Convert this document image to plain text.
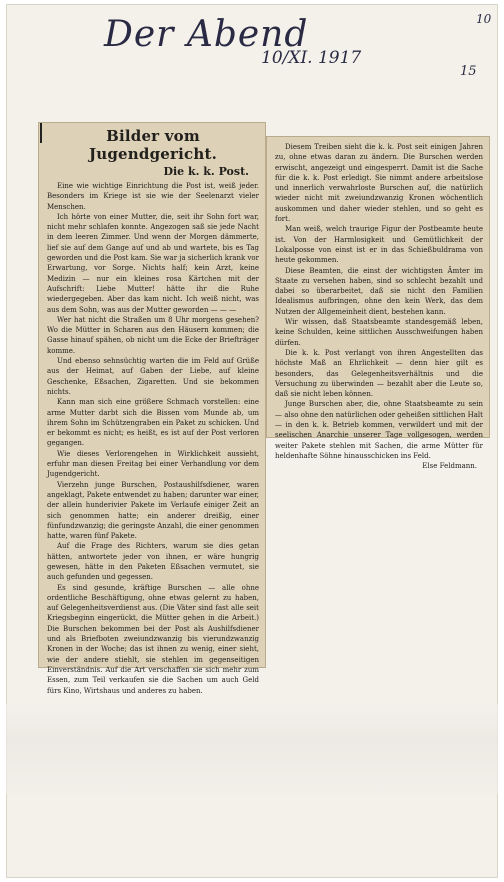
Der Abend
10/XI. 1917
10
15
Bilder vom Jugendgericht.
Die k. k. Post.

Eine wie wichtige Einrichtung die Post ist, weiß jeder. Besonders im Kriege ist sie wie der Seelenarzt vieler Menschen.

Ich hörte von einer Mutter, die, seit ihr Sohn fort war, nicht mehr schlafen konnte. Angezogen saß sie jede Nacht in dem leeren Zimmer. Und wenn der Morgen dämmerte, lief sie auf dem Gange auf und ab und wartete, bis es Tag geworden und die Post kam. Sie war ja sicherlich krank vor Erwartung, vor Sorge. Nichts half; kein Arzt, keine Medizin — nur ein kleines rosa Kärtchen mit der Aufschrift: Liebe Mutter! hätte ihr die Ruhe wiedergegeben. Aber das kam nicht. Ich weiß nicht, was aus dem Sohn, was aus der Mutter geworden — — —

Wer hat nicht die Straßen um 8 Uhr morgens gesehen? Wo die Mütter in Scharen aus den Häusern kommen; die Gasse hinauf spähen, ob nicht um die Ecke der Briefträger komme.

Und ebenso sehnsüchtig warten die im Feld auf Grüße aus der Heimat, auf Gaben der Liebe, auf kleine Geschenke, Eßsachen, Zigaretten. Und sie bekommen nichts.

Kann man sich eine größere Schmach vorstellen: eine arme Mutter darbt sich die Bissen vom Munde ab, um ihrem Sohn im Schützengraben ein Paket zu schicken. Und er bekommt es nicht; es heißt, es ist auf der Post verloren gegangen.

Wie dieses Verlorengehen in Wirklichkeit aussieht, erfuhr man diesen Freitag bei einer Verhandlung vor dem Jugendgericht.

Vierzehn junge Burschen, Postaushilfsdiener, waren angeklagt, Pakete entwendet zu haben; darunter war einer, der allein hunderivier Pakete im Verlaufe einiger Zeit an sich genommen hatte; ein anderer dreißig, einer fünfundzwanzig; die geringste Anzahl, die einer genommen hatte, waren fünf Pakete.

Auf die Frage des Richters, warum sie dies getan hätten, antwortete jeder von ihnen, er wäre hungrig gewesen, hätte in den Paketen Eßsachen vermutet, sie auch gefunden und gegessen.

Es sind gesunde, kräftige Burschen — alle ohne ordentliche Beschäftigung, ohne etwas gelernt zu haben, auf Gelegenheitsverdienst aus. (Die Väter sind fast alle seit Kriegsbeginn eingerückt, die Mütter gehen in die Arbeit.) Die Burschen bekommen bei der Post als Aushilfsdiener und als Briefboten zweiundzwanzig bis vierundzwanzig Kronen in der Woche; das ist ihnen zu wenig, einer sieht, wie der andere stiehlt, sie stehlen im gegenseitigen Einverständnis. Auf die Art verschaffen sie sich mehr zum Essen, zum Teil verkaufen sie die Sachen um auch Geld fürs Kino, Wirtshaus und anderes zu haben.

Diesem Treiben sieht die k. k. Post seit einigen Jahren zu, ohne etwas daran zu ändern. Die Burschen werden erwischt, angezeigt und eingesperrt. Damit ist die Sache für die k. k. Post erledigt. Sie nimmt andere arbeitslose und innerlich verwahrloste Burschen auf, die natürlich wieder nicht mit zweiundzwanzig Kronen wöchentlich auskommen und daher wieder stehlen, und so geht es fort.

Man weiß, welch traurige Figur der Postbeamte heute ist. Von der Harmlosigkeit und Gemütlichkeit der Lokalposse von einst ist er in das Schießbuldrama von heute gekommen.

Diese Beamten, die einst der wichtigsten Ämter im Staate zu versehen haben, sind so schlecht bezahlt und dabei so überarbeitet, daß sie nicht den Familien Idealismus aufbringen, ohne den kein Werk, das dem Nutzen der Allgemeinheit dient, bestehen kann.

Wir wissen, daß Staatsbeamte standesgemäß leben, keine Schulden, keine sittlichen Ausschweifungen haben dürfen.

Die k. k. Post verlangt von ihren Angestellten das höchste Maß an Ehrlichkeit — denn hier gilt es besonders, das Gelegenheitsverhältnis und die Versuchung zu überwinden — bezahlt aber die Leute so, daß sie nicht leben können.

Junge Burschen aber, die, ohne Staatsbeamte zu sein — also ohne den natürlichen oder geheißen sittlichen Halt — in den k. k. Betrieb kommen, verwildert und mit der seelischen Anarchie unserer Tage vollgesogen, werden weiter Pakete stehlen mit Sachen, die arme Mütter für heldenhafte Söhne hinausschicken ins Feld.

Else Feldmann.
